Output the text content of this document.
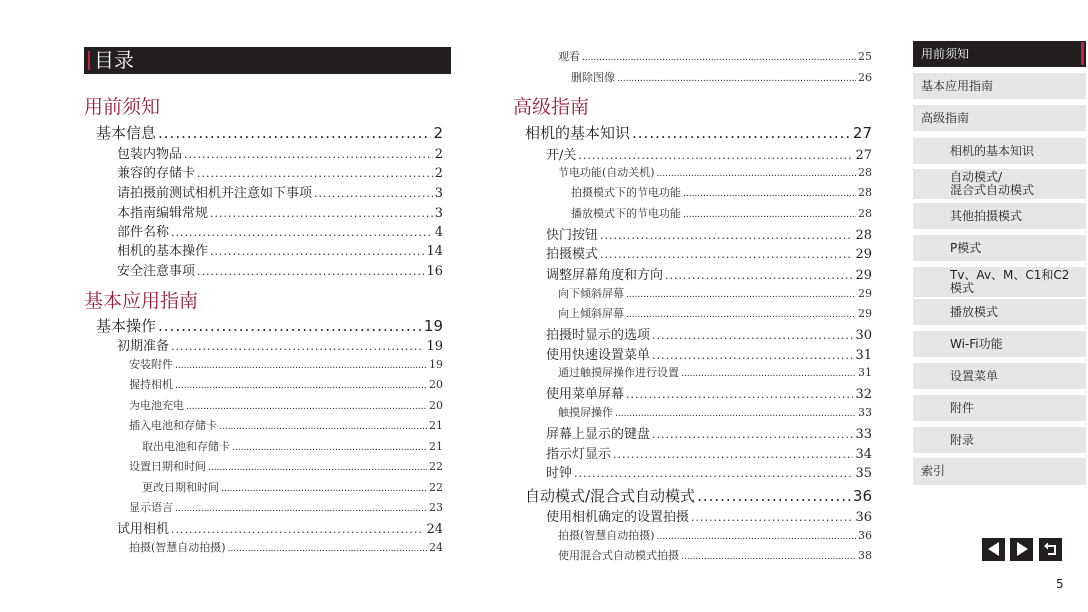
目录
用前须知
基本信息 .....	2
包装内物品 .....	2
兼容的存储卡 .....	2
请拍摄前测试相机并注意如下事项 .....	3
本指南编辑常规 .....	3
部件名称 .....	4
相机的基本操作 .....	14
安全注意事项 .....	16
基本应用指南
基本操作 .....	19
初期准备 .....	19
安装附件 .....	19
握持相机 .....	20
为电池充电 .....	20
插入电池和存储卡 .....	21
取出电池和存储卡 .....	21
设置日期和时间 .....	22
更改日期和时间 .....	22
显示语言 .....	23
试用相机 .....	24
拍摄(智慧自动拍摄) .....	24
观看 .....	25
删除图像 .....	26
高级指南
相机的基本知识 .....	27
开/关 .....	27
节电功能(自动关机) .....	28
拍摄模式下的节电功能 .....	28
播放模式下的节电功能 .....	28
快门按钮 .....	28
拍摄模式 .....	29
调整屏幕角度和方向 .....	29
向下倾斜屏幕 .....	29
向上倾斜屏幕 .....	29
拍摄时显示的选项 .....	30
使用快速设置菜单 .....	31
通过触摸屏操作进行设置 .....	31
使用菜单屏幕 .....	32
触摸屏操作 .....	33
屏幕上显示的键盘 .....	33
指示灯显示 .....	34
时钟 .....	35
自动模式/混合式自动模式 .....	36
使用相机确定的设置拍摄 .....	36
拍摄(智慧自动拍摄) .....	36
使用混合式自动模式拍摄 .....	38
用前须知
基本应用指南
高级指南
相机的基本知识
自动模式/
混合式自动模式
其他拍摄模式
P模式
Tv、Av、M、C1和C2
模式
播放模式
Wi-Fi功能
设置菜单
附件
附录
索引
5
